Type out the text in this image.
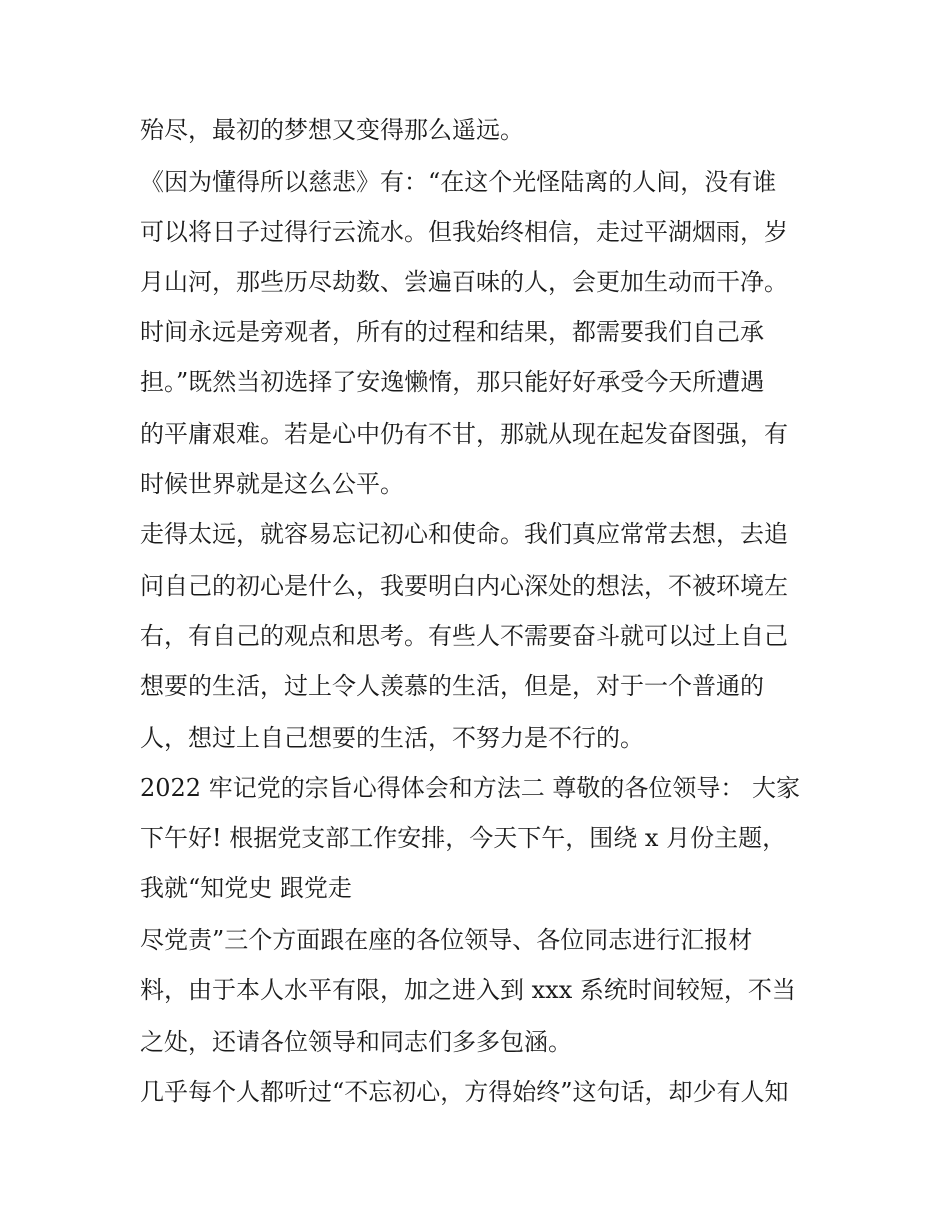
殆尽，最初的梦想又变得那么遥远。

《因为懂得所以慈悲》有：“在这个光怪陆离的人间，没有谁

可以将日子过得行云流水。但我始终相信，走过平湖烟雨，岁

月山河，那些历尽劫数、尝遍百味的人，会更加生动而干净。

时间永远是旁观者，所有的过程和结果，都需要我们自己承

担。”既然当初选择了安逸懒惰，那只能好好承受今天所遭遇

的平庸艰难。若是心中仍有不甘，那就从现在起发奋图强，有

时候世界就是这么公平。

走得太远，就容易忘记初心和使命。我们真应常常去想，去追

问自己的初心是什么，我要明白内心深处的想法，不被环境左

右，有自己的观点和思考。有些人不需要奋斗就可以过上自己

想要的生活，过上令人羡慕的生活，但是，对于一个普通的

人，想过上自己想要的生活，不努力是不行的。

2022 牢记党的宗旨心得体会和方法二 尊敬的各位领导： 大家

下午好! 根据党支部工作安排，今天下午，围绕 x 月份主题，

我就“知党史 跟党走

尽党责”三个方面跟在座的各位领导、各位同志进行汇报材

料，由于本人水平有限，加之进入到 xxx 系统时间较短，不当

之处，还请各位领导和同志们多多包涵。

几乎每个人都听过“不忘初心，方得始终”这句话，却少有人知
